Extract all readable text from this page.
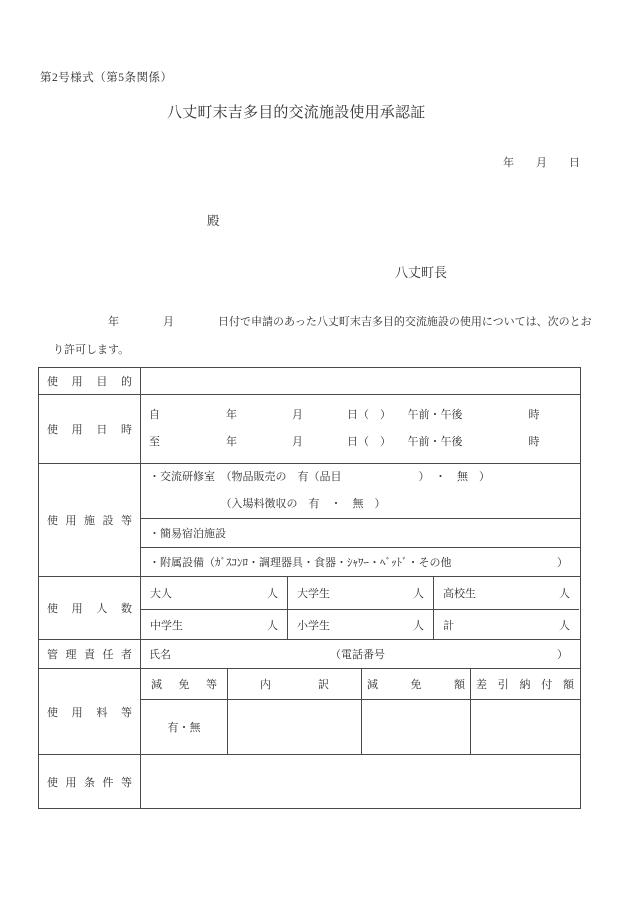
第2号様式（第5条関係）
八丈町末吉多目的交流施設使用承認証
年　　月　　日
殿
八丈町長
　　　　　年　　　　月　　　　日付で申請のあった八丈町末吉多目的交流施設の使用については、次のとお
り許可します。
使用目的
使用日時
自　　　　　　年　　　　　月　　　　日（　）　　午前・午後　　　　　　時
至　　　　　　年　　　　　月　　　　日（　）　　午前・午後　　　　　　時
使用施設等
・交流研修室　（物品販売の　有（品目　　　　　　　）　・　無　）
　　　　　　　（入場料徴収の　有　・　無　）
・簡易宿泊施設
・附属設備（ｶﾞｽｺﾝﾛ・調理器具・食器・ｼｬﾜｰ・ﾍﾞｯﾄﾞ・その他	）
使用人数
大人	人 大学生	人 高校生	人
中学生	人 小学生	人 計	人
管理責任者	氏名	（電話番号	）
使用料等
減免等	内訳	減免額	差引納付額
有・無
使用条件等
